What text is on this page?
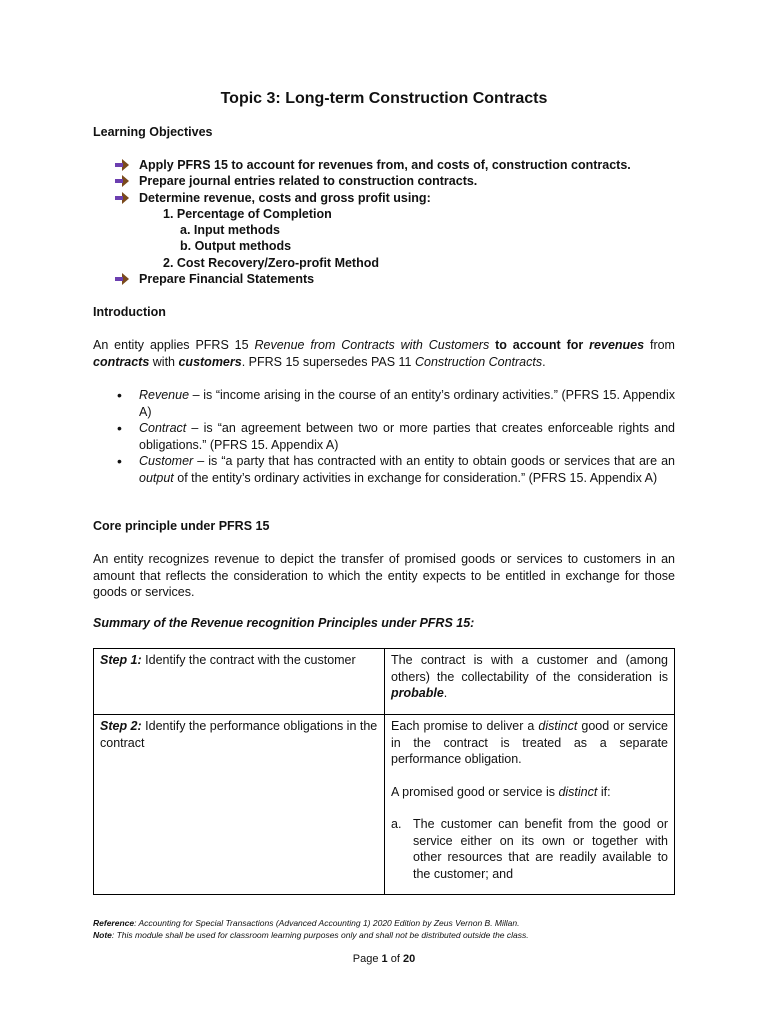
Topic 3: Long-term Construction Contracts
Learning Objectives
Apply PFRS 15 to account for revenues from, and costs of, construction contracts.
Prepare journal entries related to construction contracts.
Determine revenue, costs and gross profit using:
1. Percentage of Completion
a. Input methods
b. Output methods
2. Cost Recovery/Zero-profit Method
Prepare Financial Statements
Introduction
An entity applies PFRS 15 Revenue from Contracts with Customers to account for revenues from contracts with customers. PFRS 15 supersedes PAS 11 Construction Contracts.
• Revenue – is “income arising in the course of an entity’s ordinary activities.” (PFRS 15. Appendix A)
• Contract – is “an agreement between two or more parties that creates enforceable rights and obligations.” (PFRS 15. Appendix A)
• Customer – is “a party that has contracted with an entity to obtain goods or services that are an output of the entity’s ordinary activities in exchange for consideration.” (PFRS 15. Appendix A)
Core principle under PFRS 15
An entity recognizes revenue to depict the transfer of promised goods or services to customers in an amount that reflects the consideration to which the entity expects to be entitled in exchange for those goods or services.
Summary of the Revenue recognition Principles under PFRS 15:
Step 1: Identify the contract with the customer	The contract is with a customer and (among others) the collectability of the consideration is probable.
Step 2: Identify the performance obligations in the contract	Each promise to deliver a distinct good or service in the contract is treated as a separate performance obligation.
A promised good or service is distinct if:
a. The customer can benefit from the good or service either on its own or together with other resources that are readily available to the customer; and
Reference: Accounting for Special Transactions (Advanced Accounting 1) 2020 Edition by Zeus Vernon B. Millan.
Note: This module shall be used for classroom learning purposes only and shall not be distributed outside the class.
Page 1 of 20
